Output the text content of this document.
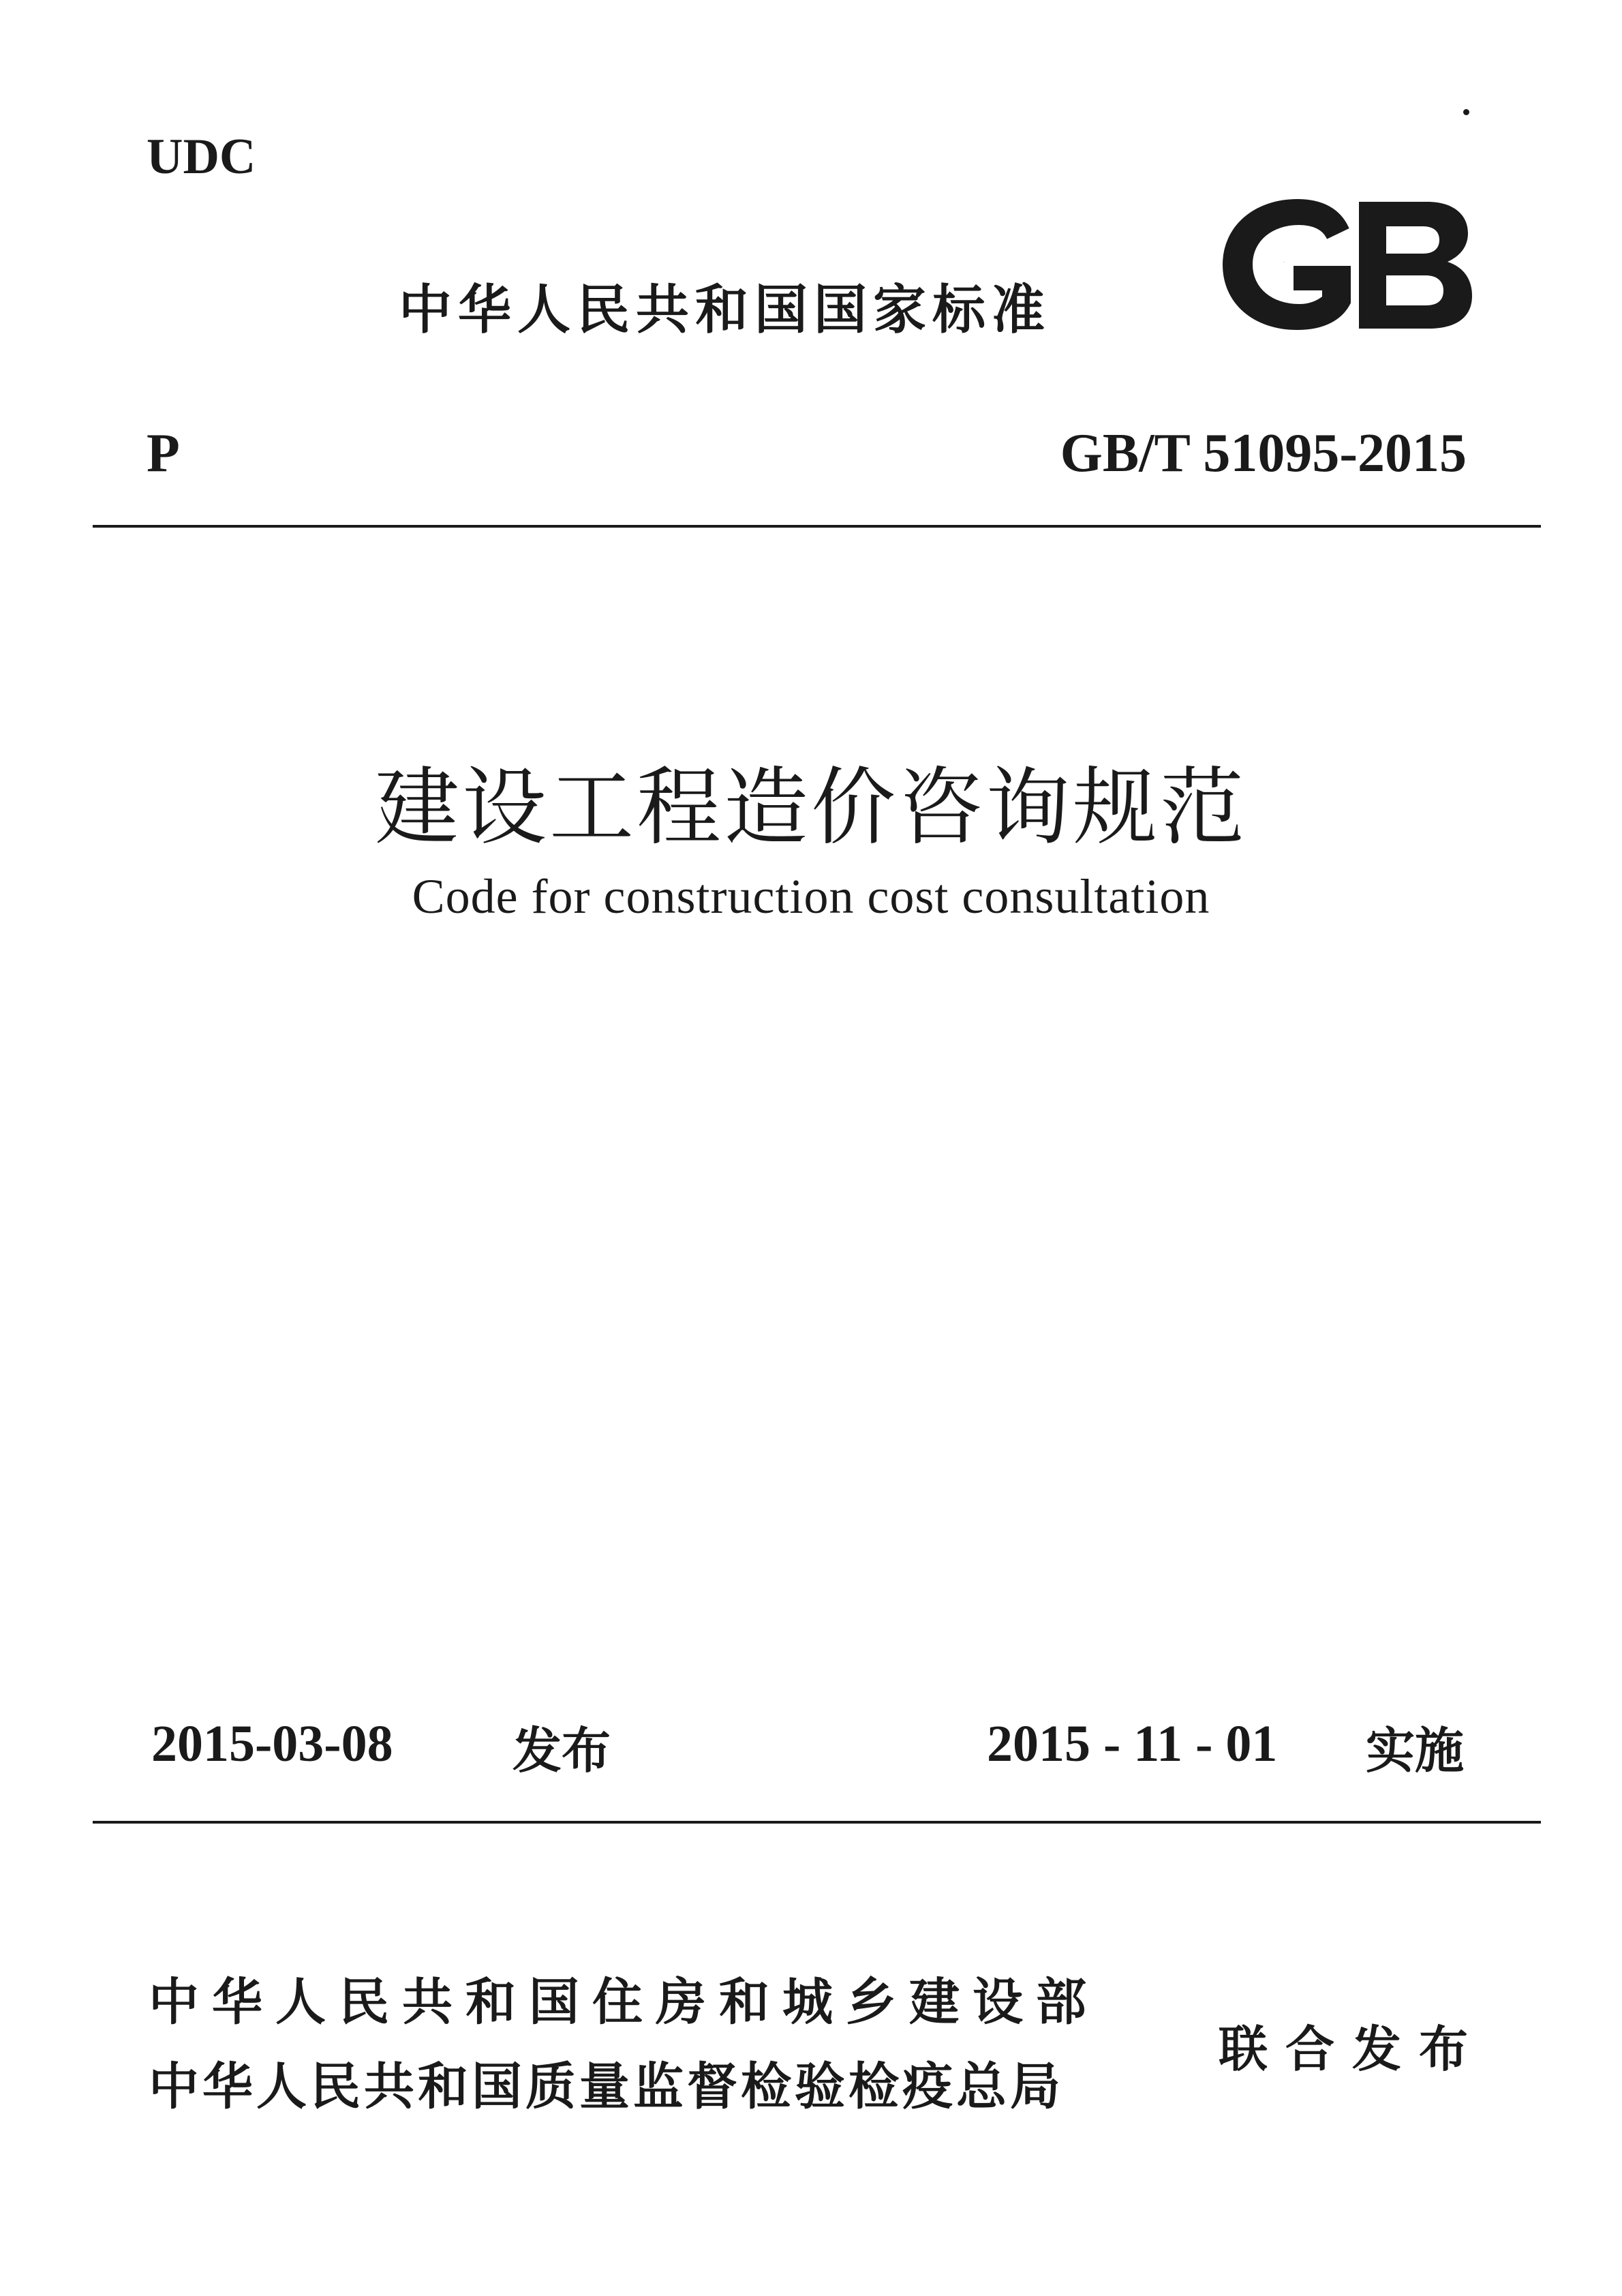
UDC
中华人民共和国国家标准
GB
P	GB/T 51095-2015
建设工程造价咨询规范
Code for construction cost consultation
2015-03-08 发布	2015 - 11 - 01 实施
中华人民共和国住房和城乡建设部
中华人民共和国质量监督检验检疫总局
联合发布
